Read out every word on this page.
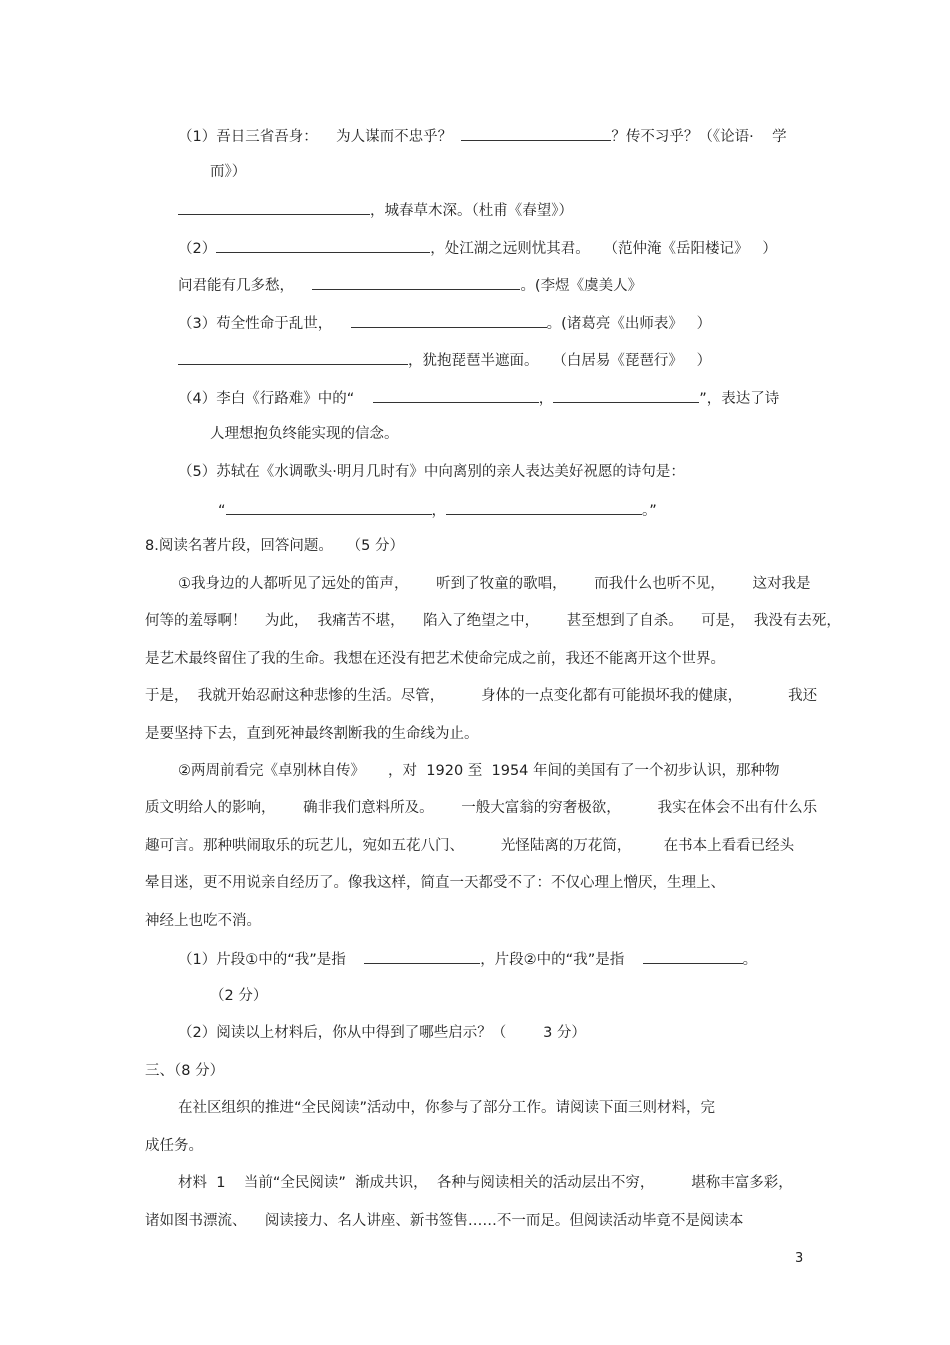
（1）吾日三省吾身：    为人谋而不忠乎？	？传不习乎？（《论语·    学
而》）
，城春草木深。（杜甫《春望》）
（2）	，处江湖之远则忧其君。   （范仲淹《岳阳楼记》   ）
问君能有几多愁，	。(李煜《虞美人》
（3）苟全性命于乱世，	。(诸葛亮《出师表》   ）
，犹抱琵琶半遮面。   （白居易《琵琶行》   ）
（4）李白《行路难》中的“	，	”，表达了诗
人理想抱负终能实现的信念。
（5）苏轼在《水调歌头·明月几时有》中向离别的亲人表达美好祝愿的诗句是：
“	，	。”
8.阅读名著片段，回答问题。   （5 分）
①我身边的人都听见了远处的笛声，      听到了牧童的歌唱，      而我什么也听不见，      这对我是
何等的羞辱啊！    为此，  我痛苦不堪，    陷入了绝望之中，      甚至想到了自杀。    可是，  我没有去死，
是艺术最终留住了我的生命。我想在还没有把艺术使命完成之前，我还不能离开这个世界。
于是，  我就开始忍耐这种悲惨的生活。尽管，        身体的一点变化都有可能损坏我的健康，          我还
是要坚持下去，直到死神最终割断我的生命线为止。
②两周前看完《卓别林自传》     ，对  1920 至  1954 年间的美国有了一个初步认识，那种物
质文明给人的影响，      确非我们意料所及。      一般大富翁的穷奢极欲，        我实在体会不出有什么乐
趣可言。那种哄闹取乐的玩艺儿，宛如五花八门、        光怪陆离的万花筒，       在书本上看看已经头
晕目迷，更不用说亲自经历了。像我这样，简直一天都受不了：不仅心理上憎厌，生理上、
神经上也吃不消。
（1）片段①中的“我”是指	，片段②中的“我”是指	。
（2 分）
（2）阅读以上材料后，你从中得到了哪些启示？（        3 分）
三、（8 分）
在社区组织的推进“全民阅读”活动中，你参与了部分工作。请阅读下面三则材料，完
成任务。
材料  1    当前“全民阅读”  渐成共识，  各种与阅读相关的活动层出不穷，        堪称丰富多彩，
诸如图书漂流、    阅读接力、名人讲座、新书签售……不一而足。但阅读活动毕竟不是阅读本
3
